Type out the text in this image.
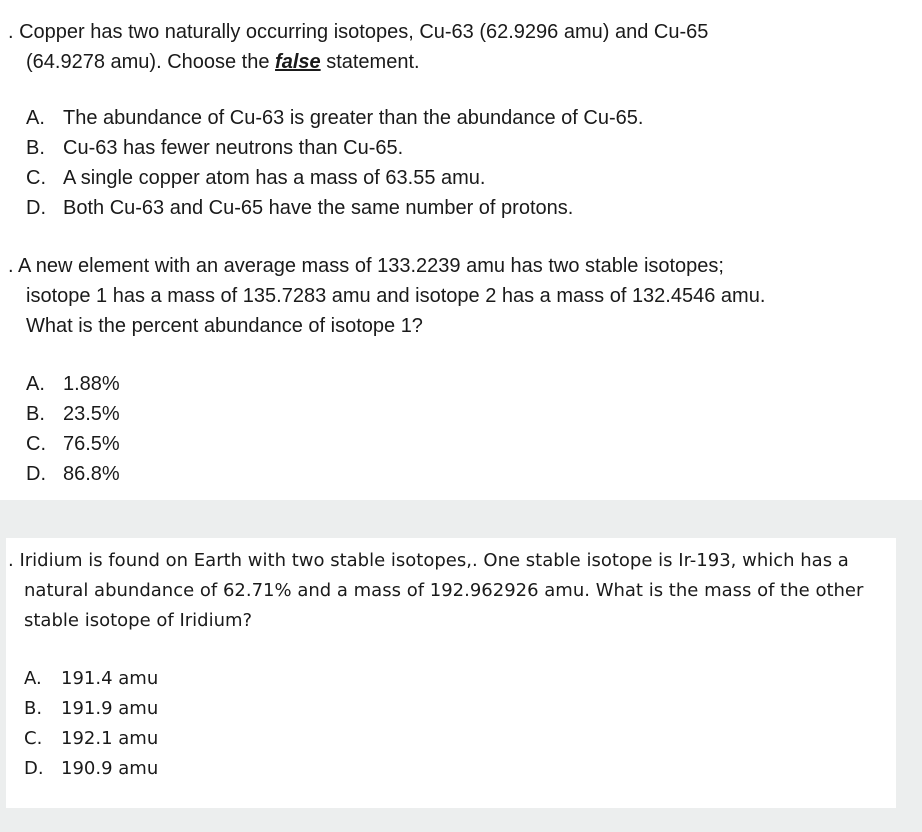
. Copper has two naturally occurring isotopes, Cu-63 (62.9296 amu) and Cu-65

(64.9278 amu). Choose the false statement.

A. The abundance of Cu-63 is greater than the abundance of Cu-65.
B. Cu-63 has fewer neutrons than Cu-65.
C. A single copper atom has a mass of 63.55 amu.
D. Both Cu-63 and Cu-65 have the same number of protons.

. A new element with an average mass of 133.2239 amu has two stable isotopes;

isotope 1 has a mass of 135.7283 amu and isotope 2 has a mass of 132.4546 amu.

What is the percent abundance of isotope 1?

A. 1.88%
B. 23.5%
C. 76.5%
D. 86.8%

. Iridium is found on Earth with two stable isotopes,. One stable isotope is Ir-193, which has a

natural abundance of 62.71% and a mass of 192.962926 amu. What is the mass of the other

stable isotope of Iridium?

A. 191.4 amu
B. 191.9 amu
C. 192.1 amu
D. 190.9 amu
